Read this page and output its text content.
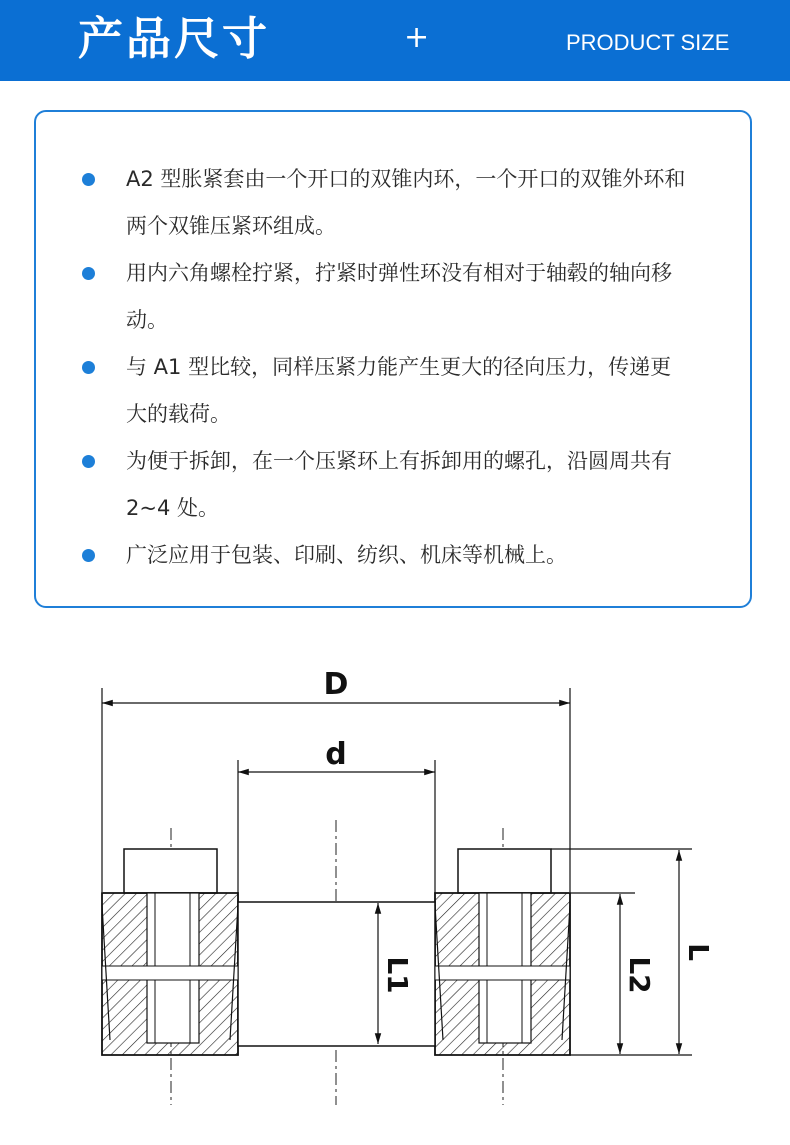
产品尺寸	+	PRODUCT SIZE
A2 型胀紧套由一个开口的双锥内环，一个开口的双锥外环和两个双锥压紧环组成。
用内六角螺栓拧紧，拧紧时弹性环没有相对于轴毂的轴向移动。
与 A1 型比较，同样压紧力能产生更大的径向压力，传递更大的载荷。
为便于拆卸，在一个压紧环上有拆卸用的螺孔，沿圆周共有 2~4 处。
广泛应用于包装、印刷、纺织、机床等机械上。
D
d
L1	L2
L
